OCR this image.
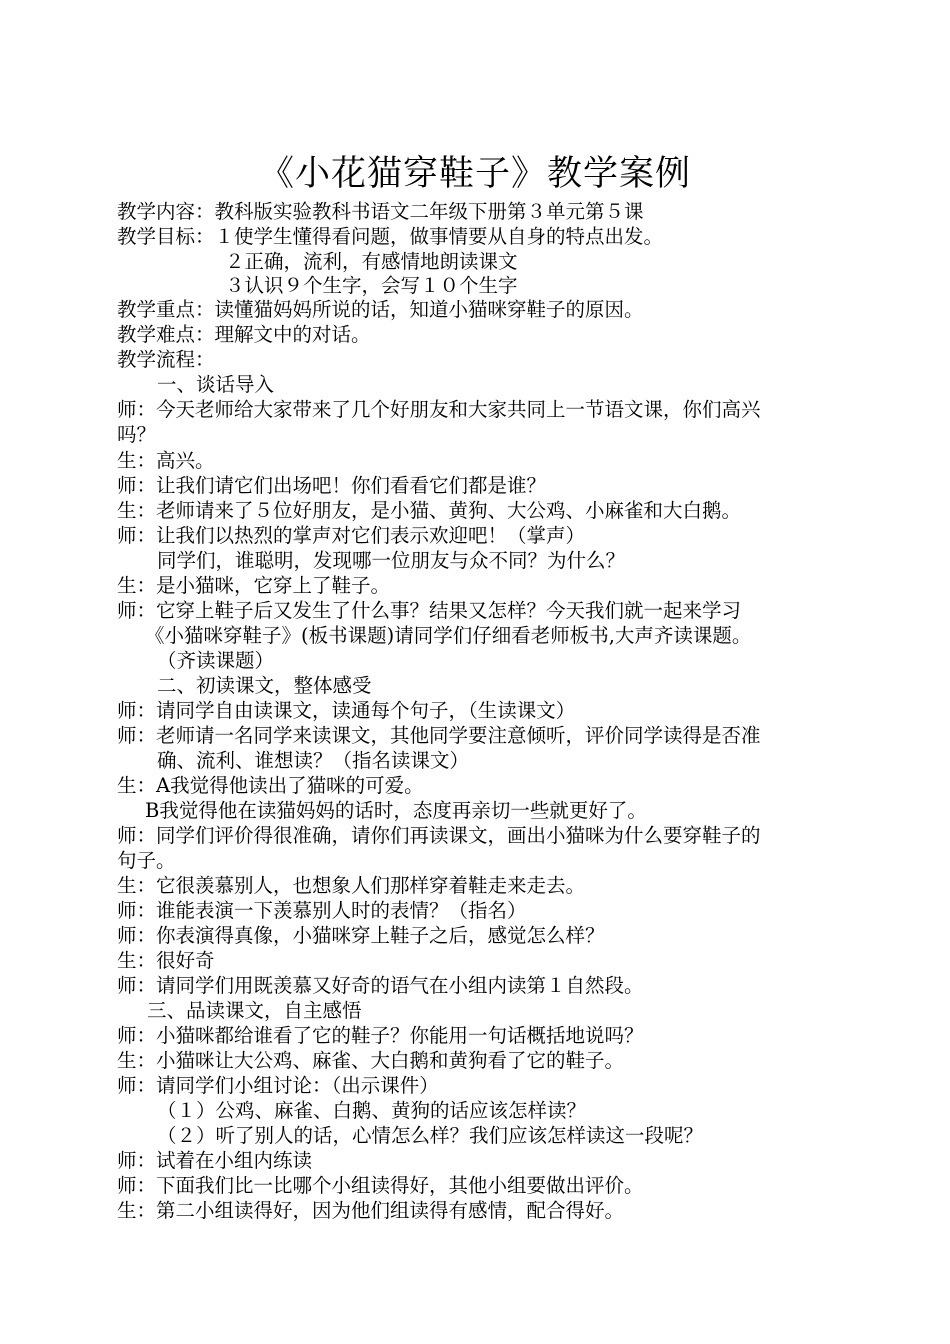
《小花猫穿鞋子》教学案例
教学内容：教科版实验教科书语文二年级下册第３单元第５课
教学目标：１使学生懂得看问题，做事情要从自身的特点出发。
２正确，流利，有感情地朗读课文
３认识９个生字，会写１０个生字
教学重点：读懂猫妈妈所说的话，知道小猫咪穿鞋子的原因。
教学难点：理解文中的对话。
教学流程：
一、谈话导入
师：今天老师给大家带来了几个好朋友和大家共同上一节语文课，你们高兴
吗？
生：高兴。
师：让我们请它们出场吧！你们看看它们都是谁？
生：老师请来了５位好朋友，是小猫、黄狗、大公鸡、小麻雀和大白鹅。
师：让我们以热烈的掌声对它们表示欢迎吧！（掌声）
同学们，谁聪明，发现哪一位朋友与众不同？为什么？
生：是小猫咪，它穿上了鞋子。
师：它穿上鞋子后又发生了什么事？结果又怎样？今天我们就一起来学习
《小猫咪穿鞋子》(板书课题)请同学们仔细看老师板书,大声齐读课题。
（齐读课题）
二、初读课文，整体感受
师：请同学自由读课文，读通每个句子，（生读课文）
师：老师请一名同学来读课文，其他同学要注意倾听，评价同学读得是否准
确、流利、谁想读？（指名读课文）
生：A我觉得他读出了猫咪的可爱。
B我觉得他在读猫妈妈的话时，态度再亲切一些就更好了。
师：同学们评价得很准确，请你们再读课文，画出小猫咪为什么要穿鞋子的
句子。
生：它很羡慕别人，也想象人们那样穿着鞋走来走去。
师：谁能表演一下羡慕别人时的表情？（指名）
师：你表演得真像，小猫咪穿上鞋子之后，感觉怎么样？
生：很好奇
师：请同学们用既羡慕又好奇的语气在小组内读第１自然段。
三、品读课文，自主感悟
师：小猫咪都给谁看了它的鞋子？你能用一句话概括地说吗？
生：小猫咪让大公鸡、麻雀、大白鹅和黄狗看了它的鞋子。
师：请同学们小组讨论：（出示课件）
（１）公鸡、麻雀、白鹅、黄狗的话应该怎样读？
（２）听了别人的话，心情怎么样？我们应该怎样读这一段呢？
师：试着在小组内练读
师：下面我们比一比哪个小组读得好，其他小组要做出评价。
生：第二小组读得好，因为他们组读得有感情，配合得好。
